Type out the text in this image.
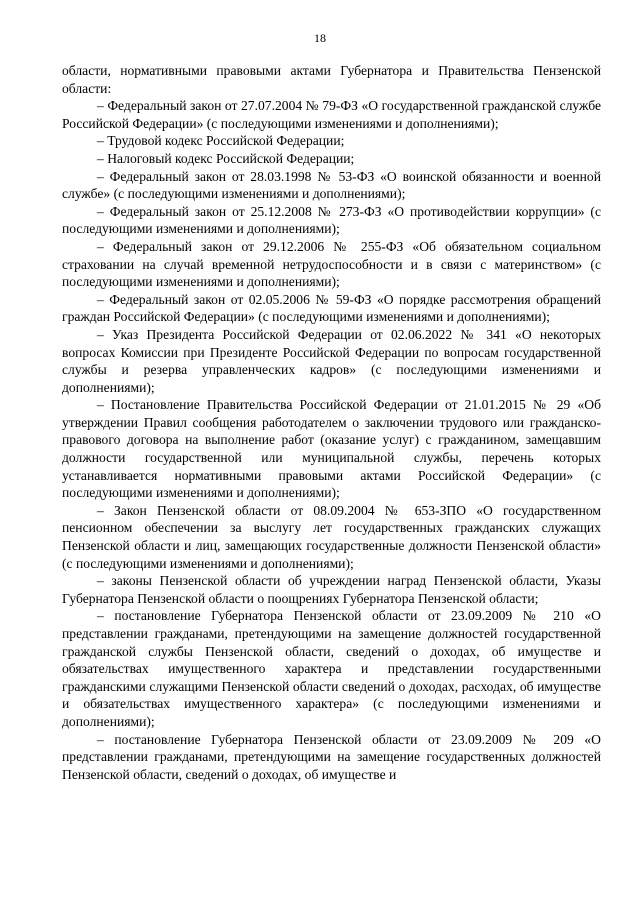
18

области, нормативными правовыми актами Губернатора и Правительства Пензенской области:

– Федеральный закон от 27.07.2004 № 79-ФЗ «О государственной гражданской службе Российской Федерации» (с последующими изменениями и дополнениями);

– Трудовой кодекс Российской Федерации;

– Налоговый кодекс Российской Федерации;

– Федеральный закон от 28.03.1998 № 53-ФЗ «О воинской обязанности и военной службе» (с последующими изменениями и дополнениями);

– Федеральный закон от 25.12.2008 № 273-ФЗ «О противодействии коррупции» (с последующими изменениями и дополнениями);

– Федеральный закон от 29.12.2006 № 255-ФЗ «Об обязательном социальном страховании на случай временной нетрудоспособности и в связи с материнством» (с последующими изменениями и дополнениями);

– Федеральный закон от 02.05.2006 № 59-ФЗ «О порядке рассмотрения обращений граждан Российской Федерации» (с последующими изменениями и дополнениями);

– Указ Президента Российской Федерации от 02.06.2022 № 341 «О некоторых вопросах Комиссии при Президенте Российской Федерации по вопросам государственной службы и резерва управленческих кадров» (с последующими изменениями и дополнениями);

– Постановление Правительства Российской Федерации от 21.01.2015 № 29 «Об утверждении Правил сообщения работодателем о заключении трудового или гражданско-правового договора на выполнение работ (оказание услуг) с гражданином, замещавшим должности государственной или муниципальной службы, перечень которых устанавливается нормативными правовыми актами Российской Федерации» (с последующими изменениями и дополнениями);

– Закон Пензенской области от 08.09.2004 № 653-ЗПО «О государственном пенсионном обеспечении за выслугу лет государственных гражданских служащих Пензенской области и лиц, замещающих государственные должности Пензенской области» (с последующими изменениями и дополнениями);

– законы Пензенской области об учреждении наград Пензенской области, Указы Губернатора Пензенской области о поощрениях Губернатора Пензенской области;

– постановление Губернатора Пензенской области от 23.09.2009 № 210 «О представлении гражданами, претендующими на замещение должностей государственной гражданской службы Пензенской области, сведений о доходах, об имуществе и обязательствах имущественного характера и представлении государственными гражданскими служащими Пензенской области сведений о доходах, расходах, об имуществе и обязательствах имущественного характера» (с последующими изменениями и дополнениями);

– постановление Губернатора Пензенской области от 23.09.2009 № 209 «О представлении гражданами, претендующими на замещение государственных должностей Пензенской области, сведений о доходах, об имуществе и
